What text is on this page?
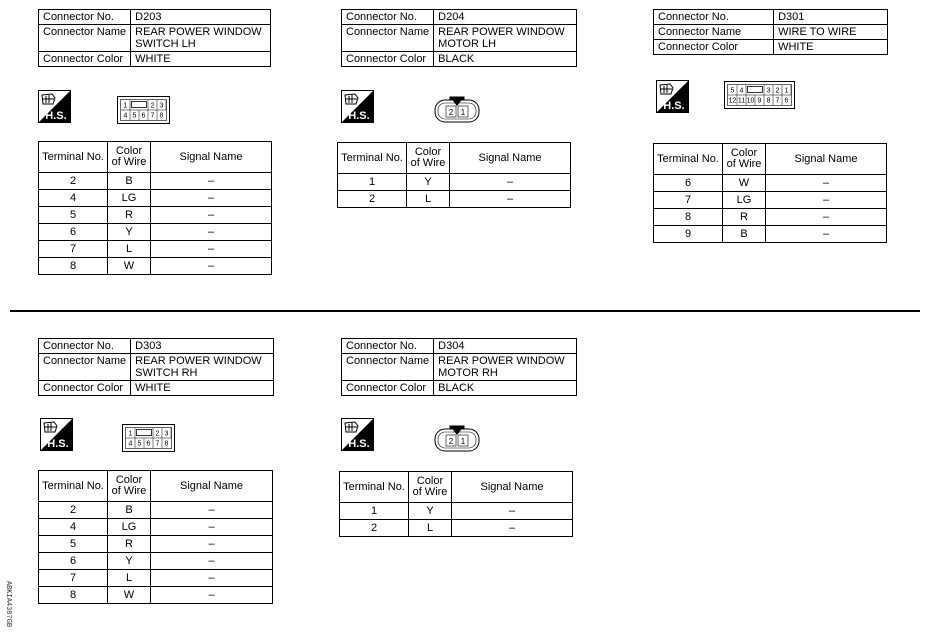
Connector No.	D203
Connector Name	REAR POWER WINDOW SWITCH LH
Connector Color	WHITE
H.S.
1	2 3
4 5 6 7 8
Terminal No.	Color of Wire	Signal Name
2	B	–
4	LG	–
5	R	–
6	Y	–
7	L	–
8	W	–
Connector No.	D204
Connector Name	REAR POWER WINDOW MOTOR LH
Connector Color	BLACK
H.S.	2 1
Terminal No.	Color of Wire	Signal Name
1	Y	–
2	L	–
Connector No.	D301
Connector Name	WIRE TO WIRE
Connector Color	WHITE
H.S.
5 4	3 2 1
12 11 10 9 8 7 6
Terminal No.	Color of Wire	Signal Name
6	W	–
7	LG	–
8	R	–
9	B	–
Connector No.	D303
Connector Name	REAR POWER WINDOW SWITCH RH
Connector Color	WHITE
H.S.
1	2 3
4 5 6 7 8
Terminal No.	Color of Wire	Signal Name
2	B	–
4	LG	–
5	R	–
6	Y	–
7	L	–
8	W	–
Connector No.	D304
Connector Name	REAR POWER WINDOW MOTOR RH
Connector Color	BLACK
H.S.	2 1
Terminal No.	Color of Wire	Signal Name
1	Y	–
2	L	–
ABKIA4387GB
